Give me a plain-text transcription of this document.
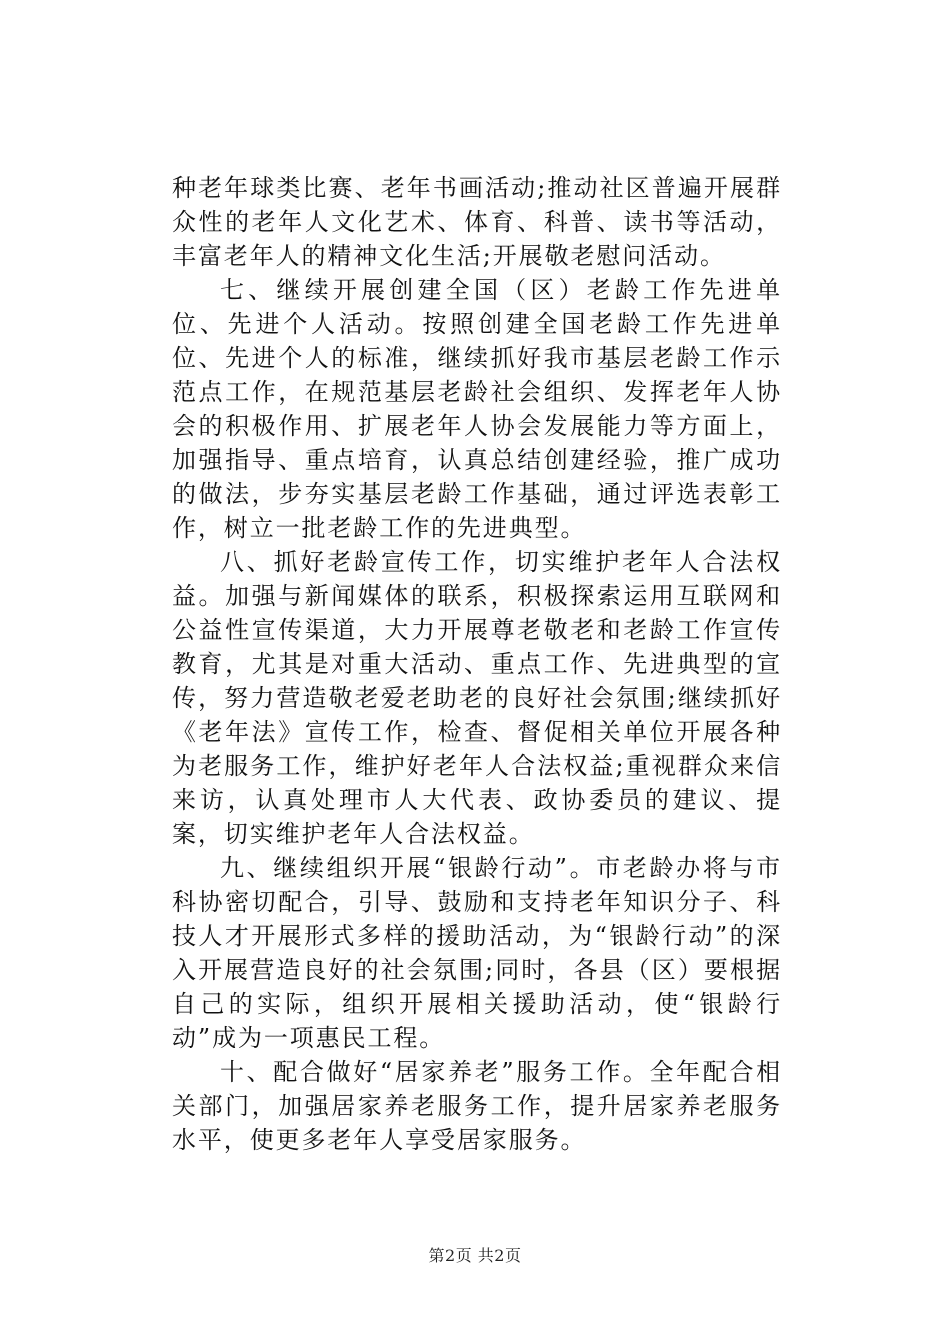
种老年球类比赛、老年书画活动;推动社区普遍开展群众性的老年人文化艺术、体育、科普、读书等活动，丰富老年人的精神文化生活;开展敬老慰问活动。

七、继续开展创建全国（区）老龄工作先进单位、先进个人活动。按照创建全国老龄工作先进单位、先进个人的标准，继续抓好我市基层老龄工作示范点工作，在规范基层老龄社会组织、发挥老年人协会的积极作用、扩展老年人协会发展能力等方面上，加强指导、重点培育，认真总结创建经验，推广成功的做法，步夯实基层老龄工作基础，通过评选表彰工作，树立一批老龄工作的先进典型。

八、抓好老龄宣传工作，切实维护老年人合法权益。加强与新闻媒体的联系，积极探索运用互联网和公益性宣传渠道，大力开展尊老敬老和老龄工作宣传教育，尤其是对重大活动、重点工作、先进典型的宣传，努力营造敬老爱老助老的良好社会氛围;继续抓好《老年法》宣传工作，检查、督促相关单位开展各种为老服务工作，维护好老年人合法权益;重视群众来信来访，认真处理市人大代表、政协委员的建议、提案，切实维护老年人合法权益。

九、继续组织开展“银龄行动”。市老龄办将与市科协密切配合，引导、鼓励和支持老年知识分子、科技人才开展形式多样的援助活动，为“银龄行动”的深入开展营造良好的社会氛围;同时，各县（区）要根据自己的实际，组织开展相关援助活动，使“银龄行动”成为一项惠民工程。

十、配合做好“居家养老”服务工作。全年配合相关部门，加强居家养老服务工作，提升居家养老服务水平，使更多老年人享受居家服务。

第2页 共2页
